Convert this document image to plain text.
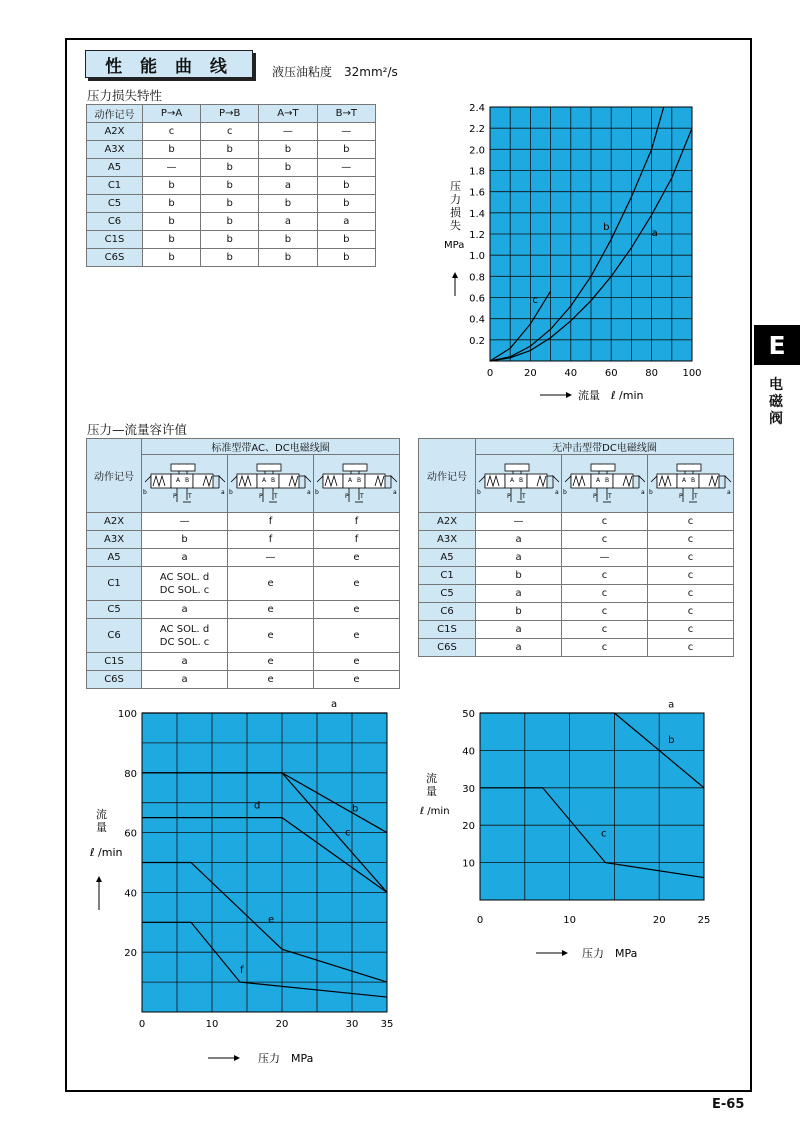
性 能 曲 线	液压油粘度　32mm²/s
压力损失特性
动作记号	P→A	P→B	A→T	B→T
A2X	c	c	—	—
A3X	b	b	b	b
A5	—	b	b	—
C1	b	b	a	b
C5	b	b	b	b
C6	b	b	a	a
C1S	b	b	b	b
C6S	b	b	b	b
0	20	40	60	80 100
0.2
0.4
0.6
0.8
1.0
1.2
1.4
1.6
1.8
2.0
2.2
2.4
a
b
c
压力损失
流量　ℓ /min
MPa
压力—流量容许值
动作记号	标准型带AC、DC电磁线圈		

A2X	—	f	f
A3X	b	f	f
A5	a	—	e
C1	AC SOL. d
DC SOL. c	e	e
C5	a	e	e
C6	AC SOL. d
DC SOL. c	e	e
C1S	a	e	e
C6S	a	e	e
动作记号	无冲击型带DC电磁线圈		

A2X	—	c	c
A3X	a	c	c
A5	a	—	c
C1	b	c	c
C5	a	c	c
C6	b	c	c
C1S	a	c	c
C6S	a	c	c
0	10	20	30 35
20
40
60
80
100
a
b
c
d
e
f
流量
ℓ /min
压力　MPa
0	10	20	25
10
20
30
40
50
a
b
c
流量
ℓ /min
压力　MPa
E
电
磁
阀
E-65
